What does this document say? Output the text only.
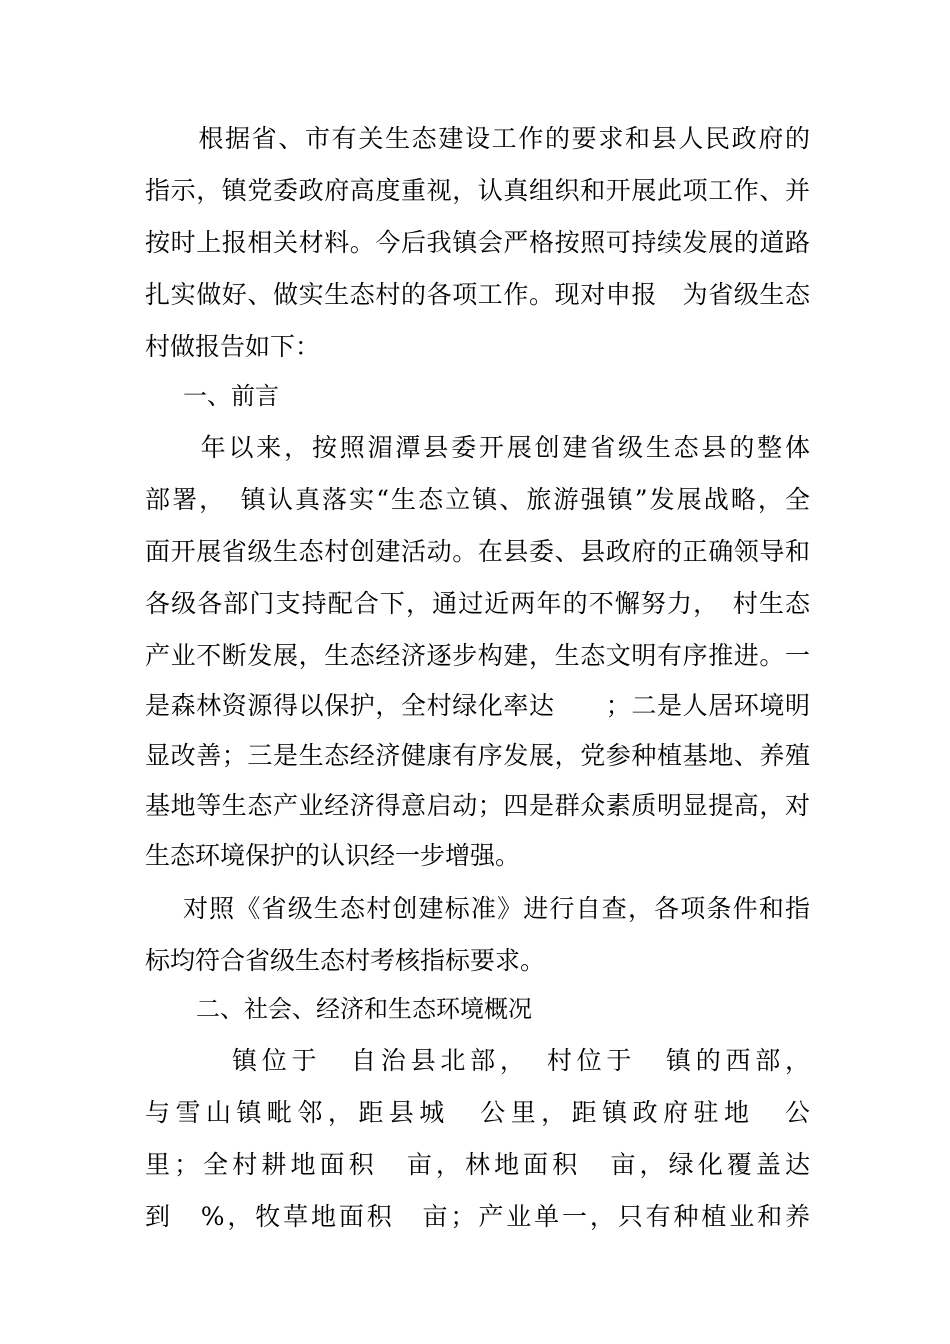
　　根据省、市有关生态建设工作的要求和县人民政府的
指示，镇党委政府高度重视，认真组织和开展此项工作、并
按时上报相关材料。今后我镇会严格按照可持续发展的道路
扎实做好、做实生态村的各项工作。现对申报　为省级生态
村做报告如下：
一、前言
　　年以来，按照湄潭县委开展创建省级生态县的整体
部署，　镇认真落实“生态立镇、旅游强镇”发展战略，全
面开展省级生态村创建活动。在县委、县政府的正确领导和
各级各部门支持配合下，通过近两年的不懈努力，　村生态
产业不断发展，生态经济逐步构建，生态文明有序推进。一
是森林资源得以保护，全村绿化率达　　；二是人居环境明
显改善；三是生态经济健康有序发展，党参种植基地、养殖
基地等生态产业经济得意启动；四是群众素质明显提高，对
生态环境保护的认识经一步增强。
对照《省级生态村创建标准》进行自查，各项条件和指
标均符合省级生态村考核指标要求。
二、社会、经济和生态环境概况
镇位于　自治县北部，　村位于　镇的西部，
与雪山镇毗邻，距县城　公里，距镇政府驻地　公
里；全村耕地面积　亩，林地面积　亩，绿化覆盖达
到　%，牧草地面积　亩；产业单一，只有种植业和养
